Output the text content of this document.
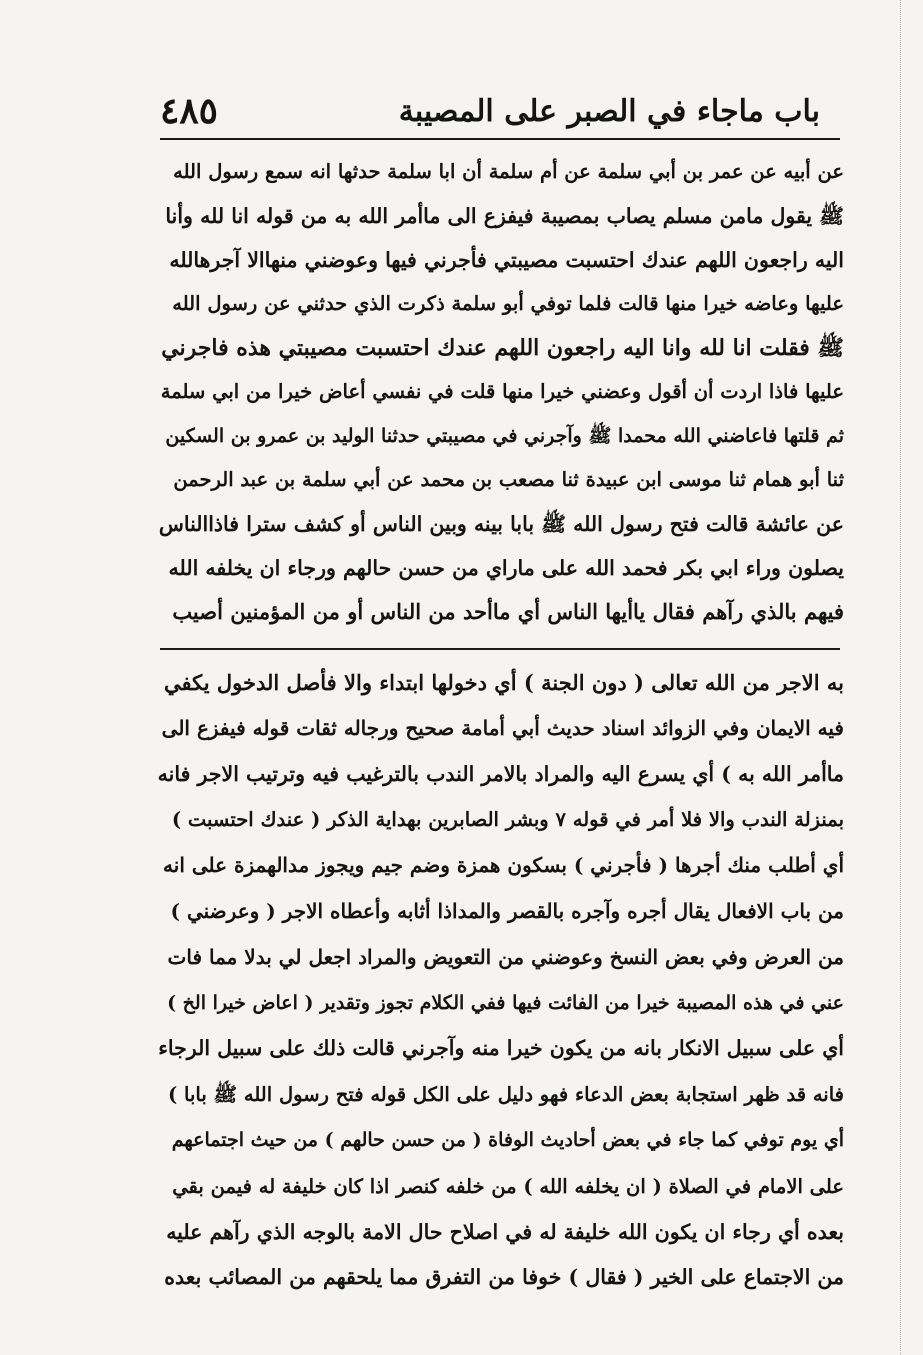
باب ماجاء في الصبر على المصيبة
٤٨٥
عن أبيه عن عمر بن أبي سلمة عن أم سلمة أن ابا سلمة حدثها انه سمع رسول الله
ﷺ يقول مامن مسلم يصاب بمصيبة فيفزع الى ماأمر الله به من قوله انا لله وأنا
اليه راجعون اللهم عندك احتسبت مصيبتي فأجرني فيها وعوضني منهاالا آجرهالله
عليها وعاضه خيرا منها قالت فلما توفي أبو سلمة ذكرت الذي حدثني عن رسول الله
ﷺ فقلت انا لله وانا اليه راجعون اللهم عندك احتسبت مصيبتي هذه فاجرني
عليها فاذا اردت أن أقول وعضني خيرا منها قلت في نفسي أعاض خيرا من ابي سلمة
ثم قلتها فاعاضني الله محمدا ﷺ وآجرني في مصيبتي حدثنا الوليد بن عمرو بن السكين
ثنا أبو همام ثنا موسى ابن عبيدة ثنا مصعب بن محمد عن أبي سلمة بن عبد الرحمن
عن عائشة قالت فتح رسول الله ﷺ بابا بينه وبين الناس أو كشف سترا فاذاالناس
يصلون وراء ابي بكر فحمد الله على ماراي من حسن حالهم ورجاء ان يخلفه الله
فيهم بالذي رآهم فقال ياأيها الناس أي ماأحد من الناس أو من المؤمنين أصيب
به الاجر من الله تعالى ( دون الجنة ) أي دخولها ابتداء والا فأصل الدخول يكفي
فيه الايمان وفي الزوائد اسناد حديث أبي أمامة صحيح ورجاله ثقات قوله فيفزع الى
ماأمر الله به ) أي يسرع اليه والمراد بالامر الندب بالترغيب فيه وترتيب الاجر فانه
بمنزلة الندب والا فلا أمر في قوله ٧ وبشر الصابرين بهداية الذكر ( عندك احتسبت )
أي أطلب منك أجرها ( فأجرني ) بسكون همزة وضم جيم ويجوز مدالهمزة على انه
من باب الافعال يقال أجره وآجره بالقصر والمداذا أثابه وأعطاه الاجر ( وعرضني )
من العرض وفي بعض النسخ وعوضني من التعويض والمراد اجعل لي بدلا مما فات
عني في هذه المصيبة خيرا من الفائت فيها ففي الكلام تجوز وتقدير ( اعاض خيرا الخ )
أي على سبيل الانكار بانه من يكون خيرا منه وآجرني قالت ذلك على سبيل الرجاء
فانه قد ظهر استجابة بعض الدعاء فهو دليل على الكل قوله فتح رسول الله ﷺ بابا )
أي يوم توفي كما جاء في بعض أحاديث الوفاة ( من حسن حالهم ) من حيث اجتماعهم
على الامام في الصلاة ( ان يخلفه الله ) من خلفه كنصر اذا كان خليفة له فيمن بقي
بعده أي رجاء ان يكون الله خليفة له في اصلاح حال الامة بالوجه الذي رآهم عليه
من الاجتماع على الخير ( فقال ) خوفا من التفرق مما يلحقهم من المصائب بعده
